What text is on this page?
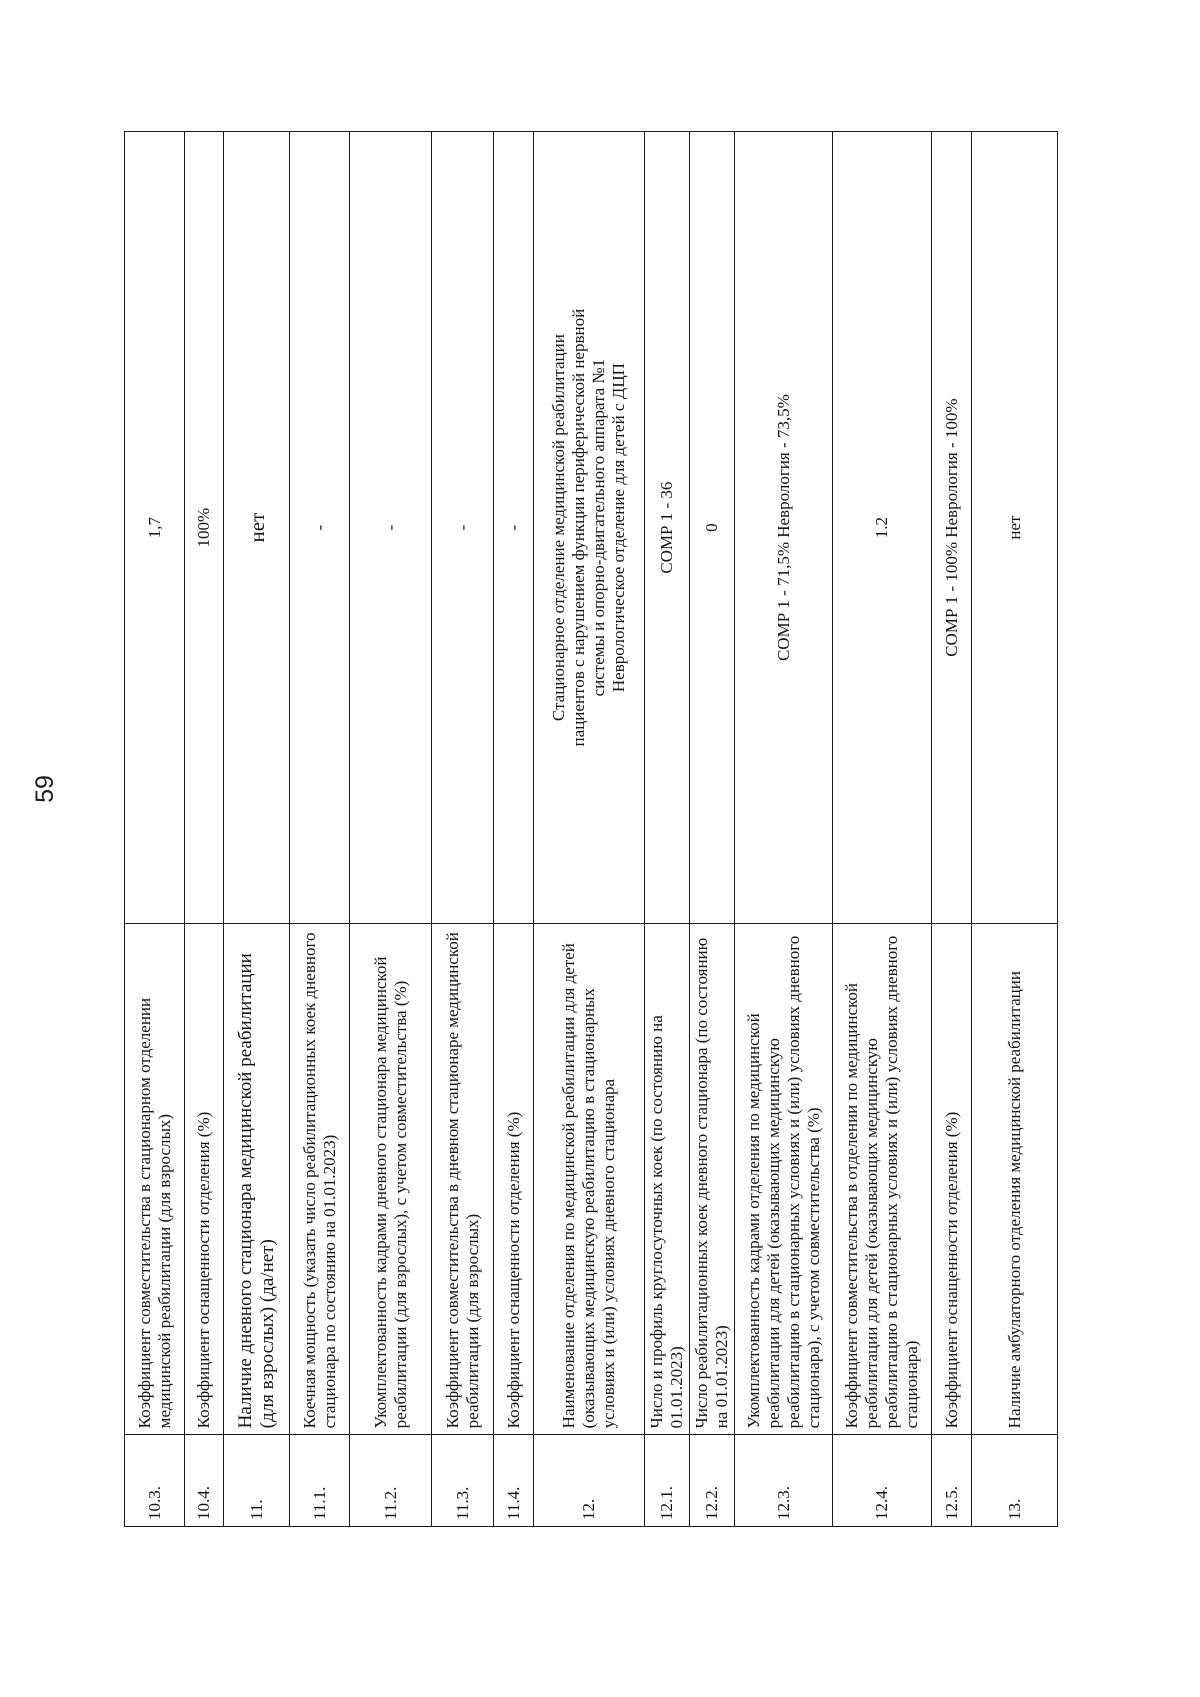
59
10.3.	Коэффициент совместительства в стационарном отделении медицинской реабилитации (для взрослых)	1,7
10.4.	Коэффициент оснащенности отделения (%)	100%
11.	Наличие дневного стационара медицинской реабилитации (для взрослых) (да/нет)	нет
11.1.	Коечная мощность (указать число реабилитационных коек дневного стационара по состоянию на 01.01.2023)	-
11.2.	Укомплектованность кадрами дневного стационара медицинской реабилитации (для взрослых), с учетом совместительства (%)	-
11.3.	Коэффициент совместительства в дневном стационаре медицинской реабилитации (для взрослых)	-
11.4.	Коэффициент оснащенности отделения (%)	-
12.	Наименование отделения по медицинской реабилитации для детей (оказывающих медицинскую реабилитацию в стационарных условиях и (или) условиях дневного стационара	Стационарное отделение медицинской реабилитации пациентов с нарушением функции периферической нервной системы и опорно-двигательного аппарата №1 Неврологическое отделение для детей с ДЦП

12.1.	Число и профиль круглосуточных коек (по состоянию на 01.01.2023)	СОМР 1 - 36
12.2.	Число реабилитационных коек дневного стационара (по состоянию на 01.01.2023)	0
12.3.	Укомплектованность кадрами отделения по медицинской реабилитации для детей (оказывающих медицинскую реабилитацию в стационарных условиях и (или) условиях дневного стационара), с учетом совместительства (%)	СОМР 1 - 71,5% Неврология - 73,5%
12.4.	Коэффициент совместительства в отделении по медицинской реабилитации для детей (оказывающих медицинскую реабилитацию в стационарных условиях и (или) условиях дневного стационара)	1.2
12.5.	Коэффициент оснащенности отделения (%)	СОМР 1 - 100% Неврология - 100%
13.	Наличие амбулаторного отделения медицинской реабилитации	нет
